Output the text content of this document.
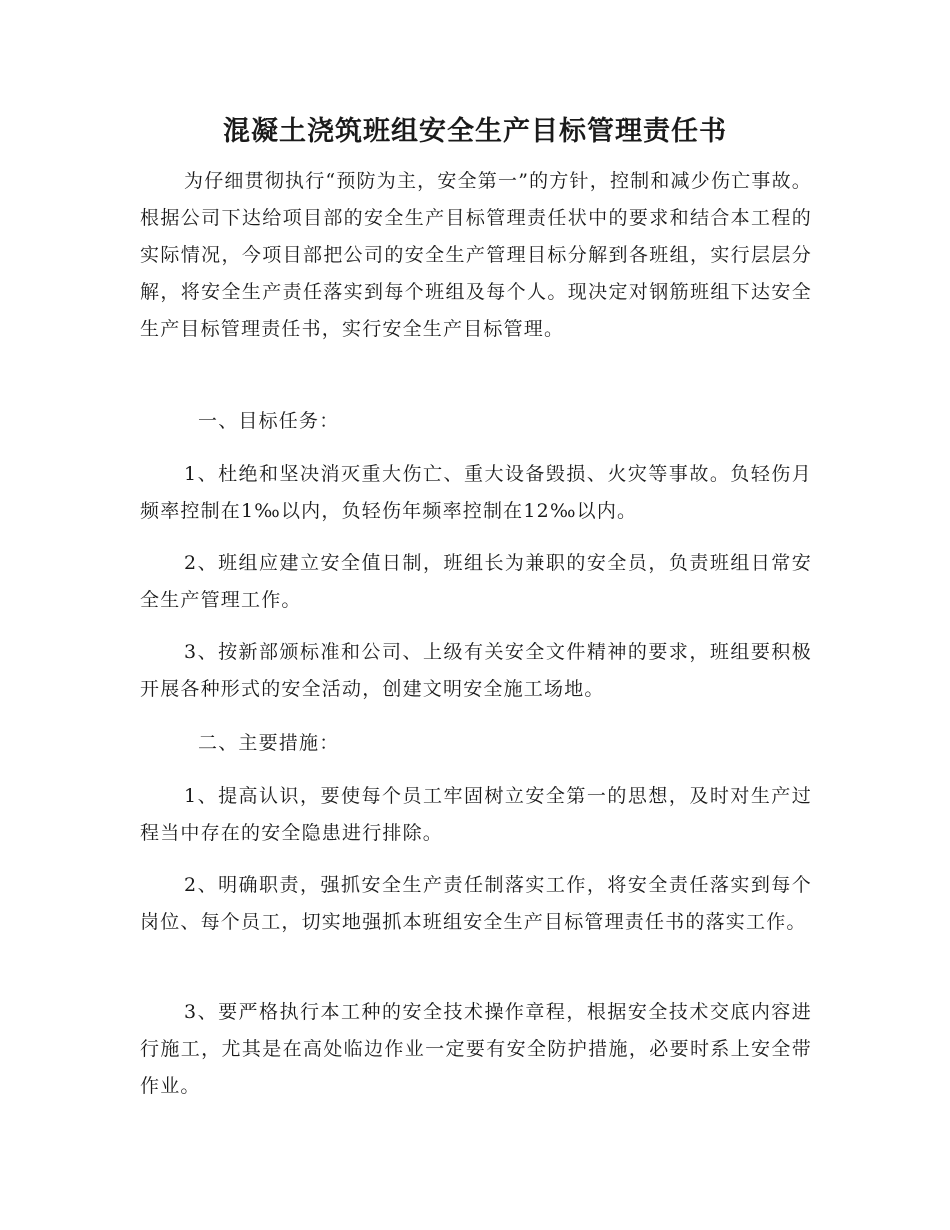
混凝土浇筑班组安全生产目标管理责任书

为仔细贯彻执行“预防为主，安全第一”的方针，控制和减少伤亡事故。根据公司下达给项目部的安全生产目标管理责任状中的要求和结合本工程的实际情况，今项目部把公司的安全生产管理目标分解到各班组，实行层层分解，将安全生产责任落实到每个班组及每个人。现决定对钢筋班组下达安全生产目标管理责任书，实行安全生产目标管理。

一、目标任务：

1、杜绝和坚决消灭重大伤亡、重大设备毁损、火灾等事故。负轻伤月频率控制在1‰以内，负轻伤年频率控制在12‰以内。

2、班组应建立安全值日制，班组长为兼职的安全员，负责班组日常安全生产管理工作。

3、按新部颁标准和公司、上级有关安全文件精神的要求，班组要积极开展各种形式的安全活动，创建文明安全施工场地。

二、主要措施：

1、提高认识，要使每个员工牢固树立安全第一的思想，及时对生产过程当中存在的安全隐患进行排除。

2、明确职责，强抓安全生产责任制落实工作，将安全责任落实到每个岗位、每个员工，切实地强抓本班组安全生产目标管理责任书的落实工作。

3、要严格执行本工种的安全技术操作章程，根据安全技术交底内容进行施工，尤其是在高处临边作业一定要有安全防护措施，必要时系上安全带作业。
